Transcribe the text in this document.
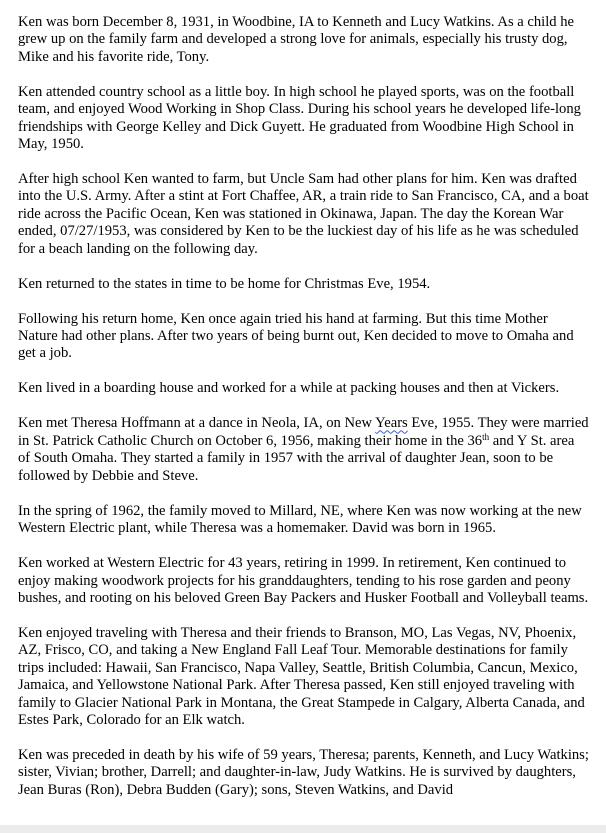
Ken was born December 8, 1931, in Woodbine, IA to Kenneth and Lucy Watkins. As a child he grew up on the family farm and developed a strong love for animals, especially his trusty dog, Mike and his favorite ride, Tony.

Ken attended country school as a little boy. In high school he played sports, was on the football team, and enjoyed Wood Working in Shop Class. During his school years he developed life-long friendships with George Kelley and Dick Guyett. He graduated from Woodbine High School in May, 1950.

After high school Ken wanted to farm, but Uncle Sam had other plans for him. Ken was drafted into the U.S. Army. After a stint at Fort Chaffee, AR, a train ride to San Francisco, CA, and a boat ride across the Pacific Ocean, Ken was stationed in Okinawa, Japan. The day the Korean War ended, 07/27/1953, was considered by Ken to be the luckiest day of his life as he was scheduled for a beach landing on the following day.

Ken returned to the states in time to be home for Christmas Eve, 1954.

Following his return home, Ken once again tried his hand at farming. But this time Mother Nature had other plans. After two years of being burnt out, Ken decided to move to Omaha and get a job.

Ken lived in a boarding house and worked for a while at packing houses and then at Vickers.

Ken met Theresa Hoffmann at a dance in Neola, IA, on New Years Eve, 1955. They were married in St. Patrick Catholic Church on October 6, 1956, making their home in the 36th and Y St. area of South Omaha. They started a family in 1957 with the arrival of daughter Jean, soon to be followed by Debbie and Steve.

In the spring of 1962, the family moved to Millard, NE, where Ken was now working at the new Western Electric plant, while Theresa was a homemaker. David was born in 1965.

Ken worked at Western Electric for 43 years, retiring in 1999. In retirement, Ken continued to enjoy making woodwork projects for his granddaughters, tending to his rose garden and peony bushes, and rooting on his beloved Green Bay Packers and Husker Football and Volleyball teams.

Ken enjoyed traveling with Theresa and their friends to Branson, MO, Las Vegas, NV, Phoenix, AZ, Frisco, CO, and taking a New England Fall Leaf Tour. Memorable destinations for family trips included: Hawaii, San Francisco, Napa Valley, Seattle, British Columbia, Cancun, Mexico, Jamaica, and Yellowstone National Park. After Theresa passed, Ken still enjoyed traveling with family to Glacier National Park in Montana, the Great Stampede in Calgary, Alberta Canada, and Estes Park, Colorado for an Elk watch.

Ken was preceded in death by his wife of 59 years, Theresa; parents, Kenneth, and Lucy Watkins; sister, Vivian; brother, Darrell; and daughter-in-law, Judy Watkins. He is survived by daughters, Jean Buras (Ron), Debra Budden (Gary); sons, Steven Watkins, and David
